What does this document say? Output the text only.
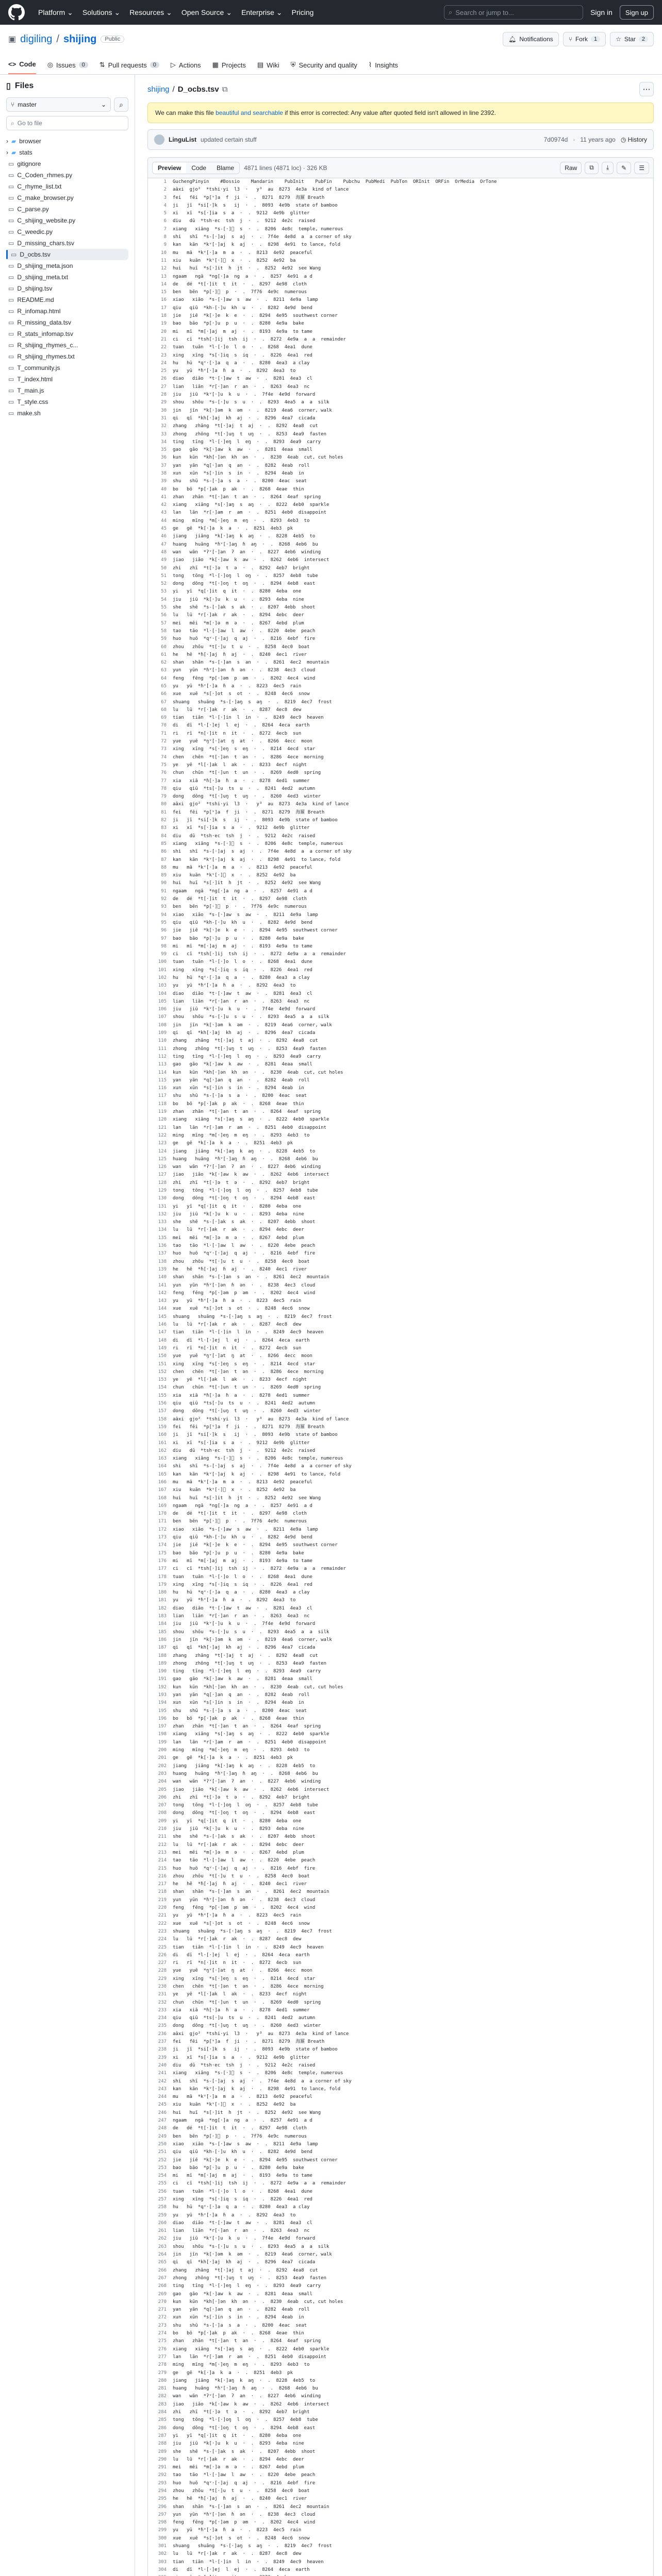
Platform ⌄ Solutions ⌄ Resources ⌄ Open Source ⌄ Enterprise ⌄ Pricing	⌕ Search or jump to...	Sign in	Sign up
▣ digiling / shijing	Public	🔔︎ Notifications	⑂ Fork	1	☆ Star	2
<> Code ◎ Issues	0	⇅ Pull requests	0	▷ Actions ▦ Projects ▤ Wiki ⛨ Security and quality ⌇ Insights
▯ Files
⑂ master	⌄ ⌕
⌕ Go to file
› ▰ browser
› ▰ stats
▭ gitignore
▭ C_Coden_rhmes.py
▭ C_rhyme_list.txt
▭ C_make_browser.py
▭ C_parse.py
▭ C_shijing_website.py
▭ C_weedic.py
▭ D_missing_chars.tsv
▭ D_ocbs.tsv
▭ D_shijing_meta.json
▭ D_shijing_meta.txt
▭ D_shijing.tsv
▭ README.md
▭ R_infomap.html
▭ R_missing_data.tsv
▭ R_stats_infomap.tsv
▭ R_shijing_rhymes_c...
▭ R_shijing_rhymes.txt
▭ T_community.js
▭ T_index.html
▭ T_main.js
▭ T_style.css
▭ make.sh
shijing / D_ocbs.tsv ⧉	⋯
We can make this file beautiful and searchable if this error is corrected: Any value after quoted field isn't allowed in line 2392.
LinguList updated certain stuff	7d0974d · 11 years ago ◷ History
Preview	Code	Blame	4871 lines (4871 loc) · 326 KB	Raw	⧉ ⤓ ✎ ☰
1	GuchengPinyin    #Bossio    Mandarin    PubInit    PubFin    Pubchu  PubMedi  PubTon  ORInit  ORFin  OrMedia  OrTone
2	aâxi  gjo²  *tshi·yi  l3  ·   y³  au  8273  4e3a  kind of lance
3	fei   fēi  *p[ᵛ]a  f  ji  ·  .  8271  8279  海羅 Breath
4	ji   jī  *si[·]k  s   ij  ·  .  8093  4e9b  state of bamboo
5	xi   xī  *s[·]ia  s  a  ·  .  9212  4e9b  glitter
6	diu   dū  *tsh·ec  tsh  j  ·  .  9212  4e2c  raised
7	xiang   xiāng  *s-[·]ᷟ  s  ·  .  8206  4e8c  temple, numerous
8	shi   shī  *s-[·]aj  s  aj  ·  .  7f4e  4e8d  a  a corner of sky
9	kan   kān  *kᵛ[·]aj  k  aj  ·  .  8298  4e91  to lance, fold
10	mu   mā  *kᵛ[·]a  m  a  ·  .  8213  4e92  peaceful
11	xiu   kuān  *kᵛ[·]ᷟ  x  ·  .  8252  4e92  ba
12	hui   huī  *s[·]it  h  jt  ·  .  8252  4e92  see Wang
13	ngaam   ngā  *ng[·]a  ng  a  ·  .  8257  4e91  a d
14	de   dé  *t[·]it  t  it  ·  .  8297  4e98  cloth
15	ben   bēn  *p[·]ᷟ  p  ·  .  7f76  4e9c  numerous
16	xiao   xiāo  *s-[·]aw  s  aw  ·  .  8211  4e9a  lamp
17	qiu   qiū  *kh-[·]u  kh  u  ·  .  8282  4e9d  bend
18	jie   jiē  *k[·]e  k  e  ·  .  8294  4e95  southwest corner
19	bao   bāo  *p[·]u  p  u  ·  .  8280  4e9a  bake
20	mi   mī  *m[·]aj  m  aj  ·  .  8193  4e9a  to tame
21	ci   cī  *tsh[·]ij  tsh  ij  ·  .  8272  4e9a  a  a  remainder
22	tuan   tuān  *l·[·]o  l  o  ·  .  8268  4ea1  dune
23	xing   xīng  *s[·]iq  s  iq  ·  .  8226  4ea1  red
24	hu   hū  *qᵛ·[·]a  q  a  ·  .  8280  4ea3  a clay
25	yu   yū  *ɦᵛ[·]a  ɦ  a  ·  .  8292  4ea3  to
26	diao   diāo  *t·[·]aw  t  aw  ·  .  8281  4ea3  cl
27	lian   liān  *r[·]an  r  an  ·  .  8263  4ea3  nc
28	jiu   jiū  *kᵛ[·]u  k  u  ·  .  7f4e  4e9d  forward
29	shou   shōu  *s-[·]u  s  u  ·  .  8293  4ea5  a  a  silk
30	jin   jīn  *k[·]əm  k  əm  ·  .  8219  4ea6  corner, walk
31	qi   qī  *kh[·]aj  kh  aj  ·  .  8296  4ea7  cicada
32	zhang   zhāng  *t[·]aj  t  aj  ·  .  8292  4ea8  cut
33	zhong   zhōng  *t[·]uŋ  t  uŋ  ·  .  8253  4ea9  fasten
34	ting   tīng  *l·[·]eŋ  l  eŋ  ·  .  8293  4ea9  carry
35	gao   gāo  *k[·]aw  k  aw  ·  .  8281  4eaa  small
36	kun   kūn  *kh[·]ən  kh  ən  ·  .  8230  4eab  cut, cut holes
37	yan   yān  *q[·]an  q  an  ·  .  8282  4eab  roll
38	xun   xūn  *s[·]in  s  in  ·  .  8294  4eab  in
39	shu   shū  *s-[·]a  s  a  ·  .  8200  4eac  seat
40	bo   bō  *p[·]ak  p  ak  ·  .  8268  4eae  thin
41	zhan   zhān  *t[·]an  t  an  ·  .  8264  4eaf  spring
42	xiang   xiāng  *s[·]aŋ  s  aŋ  ·  .  8222  4eb0  sparkle
43	lan   lān  *r[·]am  r  am  ·  .  8251  4eb0  disappoint
44	ming   mīng  *m[·]eŋ  m  eŋ  ·  .  8293  4eb3  to
45	ge   gē  *k[·]a  k  a  ·  .  8251  4eb3  pk
46	jiang   jiāng  *k[·]aŋ  k  aŋ  ·  .  8228  4eb5  to
47	huang   huāng  *ɦᵛ[·]aŋ  ɦ  aŋ  ·  .  8268  4eb6  bu
48	wan   wān  *ʔᵛ[·]an  ʔ  an  ·  .  8227  4eb6  winding
49	jiao   jiāo  *k[·]aw  k  aw  ·  .  8262  4eb6  intersect
50	zhi   zhī  *t[·]ə  t  ə  ·  .  8292  4eb7  bright
51	tong   tōng  *l·[·]oŋ  l  oŋ  ·  .  8257  4eb8  tube
52	dong   dōng  *t[·]oŋ  t  oŋ  ·  .  8294  4eb8  east
53	yi   yī  *q[·]it  q  it  ·  .  8280  4eba  one
54	jiu   jiū  *k[·]u  k  u  ·  .  8293  4eba  nine
55	she   shē  *s-[·]ak  s  ak  ·  .  8207  4ebb  shoot
56	lu   lū  *r[·]ak  r  ak  ·  .  8294  4ebc  deer
57	mei   mēi  *m[·]ə  m  ə  ·  .  8267  4ebd  plum
58	tao   tāo  *l·[·]aw  l  aw  ·  .  8220  4ebe  peach
59	huo   huō  *qᵛ·[·]aj  q  aj  ·  .  8216  4ebf  fire
60	zhou   zhōu  *t[·]u  t  u  ·  .  8258  4ec0  boat
61	he   hē  *ɦ[·]aj  ɦ  aj  ·  .  8240  4ec1  river
62	shan   shān  *s-[·]an  s  an  ·  .  8261  4ec2  mountain
63	yun   yūn  *ɦᵛ[·]ən  ɦ  ən  ·  .  8238  4ec3  cloud
64	feng   fēng  *p[·]əm  p  əm  ·  .  8202  4ec4  wind
65	yu   yū  *ɦᵛ[·]a  ɦ  a  ·  .  8223  4ec5  rain
66	xue   xuē  *s[·]ot  s  ot  ·  .  8248  4ec6  snow
67	shuang   shuāng  *s-[·]aŋ  s  aŋ  ·  .  8219  4ec7  frost
68	lu   lū  *r[·]ak  r  ak  ·  .  8287  4ec8  dew
69	tian   tiān  *l·[·]in  l  in  ·  .  8249  4ec9  heaven
70	di   dī  *l·[·]ej  l  ej  ·  .  8264  4eca  earth
71	ri   rī  *n[·]it  n  it  ·  .  8272  4ecb  sun
72	yue   yuē  *ŋᵛ[·]at  ŋ  at  ·  .  8266  4ecc  moon
73	xing   xīng  *s[·]eŋ  s  eŋ  ·  .  8214  4ecd  star
74	chen   chēn  *t[·]ən  t  ən  ·  .  8286  4ece  morning
75	ye   yē  *l[·]ak  l  ak  ·  .  8233  4ecf  night
76	chun   chūn  *t[·]un  t  un  ·  .  8269  4ed0  spring
77	xia   xiā  *ɦ[·]a  ɦ  a  ·  .  8278  4ed1  summer
78	qiu   qiū  *ts[·]u  ts  u  ·  .  8241  4ed2  autumn
79	dong   dōng  *t[·]uŋ  t  uŋ  ·  .  8260  4ed3  winter
80	aâxi  gjo²  *tshi·yi  l3  ·   y³  au  8273  4e3a  kind of lance
81	fei   fēi  *p[ᵛ]a  f  ji  ·  .  8271  8279  海羅 Breath
82	ji   jī  *si[·]k  s   ij  ·  .  8093  4e9b  state of bamboo
83	xi   xī  *s[·]ia  s  a  ·  .  9212  4e9b  glitter
84	diu   dū  *tsh·ec  tsh  j  ·  .  9212  4e2c  raised
85	xiang   xiāng  *s-[·]ᷟ  s  ·  .  8206  4e8c  temple, numerous
86	shi   shī  *s-[·]aj  s  aj  ·  .  7f4e  4e8d  a  a corner of sky
87	kan   kān  *kᵛ[·]aj  k  aj  ·  .  8298  4e91  to lance, fold
88	mu   mā  *kᵛ[·]a  m  a  ·  .  8213  4e92  peaceful
89	xiu   kuān  *kᵛ[·]ᷟ  x  ·  .  8252  4e92  ba
90	hui   huī  *s[·]it  h  jt  ·  .  8252  4e92  see Wang
91	ngaam   ngā  *ng[·]a  ng  a  ·  .  8257  4e91  a d
92	de   dé  *t[·]it  t  it  ·  .  8297  4e98  cloth
93	ben   bēn  *p[·]ᷟ  p  ·  .  7f76  4e9c  numerous
94	xiao   xiāo  *s-[·]aw  s  aw  ·  .  8211  4e9a  lamp
95	qiu   qiū  *kh-[·]u  kh  u  ·  .  8282  4e9d  bend
96	jie   jiē  *k[·]e  k  e  ·  .  8294  4e95  southwest corner
97	bao   bāo  *p[·]u  p  u  ·  .  8280  4e9a  bake
98	mi   mī  *m[·]aj  m  aj  ·  .  8193  4e9a  to tame
99	ci   cī  *tsh[·]ij  tsh  ij  ·  .  8272  4e9a  a  a  remainder
100	tuan   tuān  *l·[·]o  l  o  ·  .  8268  4ea1  dune
101	xing   xīng  *s[·]iq  s  iq  ·  .  8226  4ea1  red
102	hu   hū  *qᵛ·[·]a  q  a  ·  .  8280  4ea3  a clay
103	yu   yū  *ɦᵛ[·]a  ɦ  a  ·  .  8292  4ea3  to
104	diao   diāo  *t·[·]aw  t  aw  ·  .  8281  4ea3  cl
105	lian   liān  *r[·]an  r  an  ·  .  8263  4ea3  nc
106	jiu   jiū  *kᵛ[·]u  k  u  ·  .  7f4e  4e9d  forward
107	shou   shōu  *s-[·]u  s  u  ·  .  8293  4ea5  a  a  silk
108	jin   jīn  *k[·]əm  k  əm  ·  .  8219  4ea6  corner, walk
109	qi   qī  *kh[·]aj  kh  aj  ·  .  8296  4ea7  cicada
110	zhang   zhāng  *t[·]aj  t  aj  ·  .  8292  4ea8  cut
111	zhong   zhōng  *t[·]uŋ  t  uŋ  ·  .  8253  4ea9  fasten
112	ting   tīng  *l·[·]eŋ  l  eŋ  ·  .  8293  4ea9  carry
113	gao   gāo  *k[·]aw  k  aw  ·  .  8281  4eaa  small
114	kun   kūn  *kh[·]ən  kh  ən  ·  .  8230  4eab  cut, cut holes
115	yan   yān  *q[·]an  q  an  ·  .  8282  4eab  roll
116	xun   xūn  *s[·]in  s  in  ·  .  8294  4eab  in
117	shu   shū  *s-[·]a  s  a  ·  .  8200  4eac  seat
118	bo   bō  *p[·]ak  p  ak  ·  .  8268  4eae  thin
119	zhan   zhān  *t[·]an  t  an  ·  .  8264  4eaf  spring
120	xiang   xiāng  *s[·]aŋ  s  aŋ  ·  .  8222  4eb0  sparkle
121	lan   lān  *r[·]am  r  am  ·  .  8251  4eb0  disappoint
122	ming   mīng  *m[·]eŋ  m  eŋ  ·  .  8293  4eb3  to
123	ge   gē  *k[·]a  k  a  ·  .  8251  4eb3  pk
124	jiang   jiāng  *k[·]aŋ  k  aŋ  ·  .  8228  4eb5  to
125	huang   huāng  *ɦᵛ[·]aŋ  ɦ  aŋ  ·  .  8268  4eb6  bu
126	wan   wān  *ʔᵛ[·]an  ʔ  an  ·  .  8227  4eb6  winding
127	jiao   jiāo  *k[·]aw  k  aw  ·  .  8262  4eb6  intersect
128	zhi   zhī  *t[·]ə  t  ə  ·  .  8292  4eb7  bright
129	tong   tōng  *l·[·]oŋ  l  oŋ  ·  .  8257  4eb8  tube
130	dong   dōng  *t[·]oŋ  t  oŋ  ·  .  8294  4eb8  east
131	yi   yī  *q[·]it  q  it  ·  .  8280  4eba  one
132	jiu   jiū  *k[·]u  k  u  ·  .  8293  4eba  nine
133	she   shē  *s-[·]ak  s  ak  ·  .  8207  4ebb  shoot
134	lu   lū  *r[·]ak  r  ak  ·  .  8294  4ebc  deer
135	mei   mēi  *m[·]ə  m  ə  ·  .  8267  4ebd  plum
136	tao   tāo  *l·[·]aw  l  aw  ·  .  8220  4ebe  peach
137	huo   huō  *qᵛ·[·]aj  q  aj  ·  .  8216  4ebf  fire
138	zhou   zhōu  *t[·]u  t  u  ·  .  8258  4ec0  boat
139	he   hē  *ɦ[·]aj  ɦ  aj  ·  .  8240  4ec1  river
140	shan   shān  *s-[·]an  s  an  ·  .  8261  4ec2  mountain
141	yun   yūn  *ɦᵛ[·]ən  ɦ  ən  ·  .  8238  4ec3  cloud
142	feng   fēng  *p[·]əm  p  əm  ·  .  8202  4ec4  wind
143	yu   yū  *ɦᵛ[·]a  ɦ  a  ·  .  8223  4ec5  rain
144	xue   xuē  *s[·]ot  s  ot  ·  .  8248  4ec6  snow
145	shuang   shuāng  *s-[·]aŋ  s  aŋ  ·  .  8219  4ec7  frost
146	lu   lū  *r[·]ak  r  ak  ·  .  8287  4ec8  dew
147	tian   tiān  *l·[·]in  l  in  ·  .  8249  4ec9  heaven
148	di   dī  *l·[·]ej  l  ej  ·  .  8264  4eca  earth
149	ri   rī  *n[·]it  n  it  ·  .  8272  4ecb  sun
150	yue   yuē  *ŋᵛ[·]at  ŋ  at  ·  .  8266  4ecc  moon
151	xing   xīng  *s[·]eŋ  s  eŋ  ·  .  8214  4ecd  star
152	chen   chēn  *t[·]ən  t  ən  ·  .  8286  4ece  morning
153	ye   yē  *l[·]ak  l  ak  ·  .  8233  4ecf  night
154	chun   chūn  *t[·]un  t  un  ·  .  8269  4ed0  spring
155	xia   xiā  *ɦ[·]a  ɦ  a  ·  .  8278  4ed1  summer
156	qiu   qiū  *ts[·]u  ts  u  ·  .  8241  4ed2  autumn
157	dong   dōng  *t[·]uŋ  t  uŋ  ·  .  8260  4ed3  winter
158	aâxi  gjo²  *tshi·yi  l3  ·   y³  au  8273  4e3a  kind of lance
159	fei   fēi  *p[ᵛ]a  f  ji  ·  .  8271  8279  海羅 Breath
160	ji   jī  *si[·]k  s   ij  ·  .  8093  4e9b  state of bamboo
161	xi   xī  *s[·]ia  s  a  ·  .  9212  4e9b  glitter
162	diu   dū  *tsh·ec  tsh  j  ·  .  9212  4e2c  raised
163	xiang   xiāng  *s-[·]ᷟ  s  ·  .  8206  4e8c  temple, numerous
164	shi   shī  *s-[·]aj  s  aj  ·  .  7f4e  4e8d  a  a corner of sky
165	kan   kān  *kᵛ[·]aj  k  aj  ·  .  8298  4e91  to lance, fold
166	mu   mā  *kᵛ[·]a  m  a  ·  .  8213  4e92  peaceful
167	xiu   kuān  *kᵛ[·]ᷟ  x  ·  .  8252  4e92  ba
168	hui   huī  *s[·]it  h  jt  ·  .  8252  4e92  see Wang
169	ngaam   ngā  *ng[·]a  ng  a  ·  .  8257  4e91  a d
170	de   dé  *t[·]it  t  it  ·  .  8297  4e98  cloth
171	ben   bēn  *p[·]ᷟ  p  ·  .  7f76  4e9c  numerous
172	xiao   xiāo  *s-[·]aw  s  aw  ·  .  8211  4e9a  lamp
173	qiu   qiū  *kh-[·]u  kh  u  ·  .  8282  4e9d  bend
174	jie   jiē  *k[·]e  k  e  ·  .  8294  4e95  southwest corner
175	bao   bāo  *p[·]u  p  u  ·  .  8280  4e9a  bake
176	mi   mī  *m[·]aj  m  aj  ·  .  8193  4e9a  to tame
177	ci   cī  *tsh[·]ij  tsh  ij  ·  .  8272  4e9a  a  a  remainder
178	tuan   tuān  *l·[·]o  l  o  ·  .  8268  4ea1  dune
179	xing   xīng  *s[·]iq  s  iq  ·  .  8226  4ea1  red
180	hu   hū  *qᵛ·[·]a  q  a  ·  .  8280  4ea3  a clay
181	yu   yū  *ɦᵛ[·]a  ɦ  a  ·  .  8292  4ea3  to
182	diao   diāo  *t·[·]aw  t  aw  ·  .  8281  4ea3  cl
183	lian   liān  *r[·]an  r  an  ·  .  8263  4ea3  nc
184	jiu   jiū  *kᵛ[·]u  k  u  ·  .  7f4e  4e9d  forward
185	shou   shōu  *s-[·]u  s  u  ·  .  8293  4ea5  a  a  silk
186	jin   jīn  *k[·]əm  k  əm  ·  .  8219  4ea6  corner, walk
187	qi   qī  *kh[·]aj  kh  aj  ·  .  8296  4ea7  cicada
188	zhang   zhāng  *t[·]aj  t  aj  ·  .  8292  4ea8  cut
189	zhong   zhōng  *t[·]uŋ  t  uŋ  ·  .  8253  4ea9  fasten
190	ting   tīng  *l·[·]eŋ  l  eŋ  ·  .  8293  4ea9  carry
191	gao   gāo  *k[·]aw  k  aw  ·  .  8281  4eaa  small
192	kun   kūn  *kh[·]ən  kh  ən  ·  .  8230  4eab  cut, cut holes
193	yan   yān  *q[·]an  q  an  ·  .  8282  4eab  roll
194	xun   xūn  *s[·]in  s  in  ·  .  8294  4eab  in
195	shu   shū  *s-[·]a  s  a  ·  .  8200  4eac  seat
196	bo   bō  *p[·]ak  p  ak  ·  .  8268  4eae  thin
197	zhan   zhān  *t[·]an  t  an  ·  .  8264  4eaf  spring
198	xiang   xiāng  *s[·]aŋ  s  aŋ  ·  .  8222  4eb0  sparkle
199	lan   lān  *r[·]am  r  am  ·  .  8251  4eb0  disappoint
200	ming   mīng  *m[·]eŋ  m  eŋ  ·  .  8293  4eb3  to
201	ge   gē  *k[·]a  k  a  ·  .  8251  4eb3  pk
202	jiang   jiāng  *k[·]aŋ  k  aŋ  ·  .  8228  4eb5  to
203	huang   huāng  *ɦᵛ[·]aŋ  ɦ  aŋ  ·  .  8268  4eb6  bu
204	wan   wān  *ʔᵛ[·]an  ʔ  an  ·  .  8227  4eb6  winding
205	jiao   jiāo  *k[·]aw  k  aw  ·  .  8262  4eb6  intersect
206	zhi   zhī  *t[·]ə  t  ə  ·  .  8292  4eb7  bright
207	tong   tōng  *l·[·]oŋ  l  oŋ  ·  .  8257  4eb8  tube
208	dong   dōng  *t[·]oŋ  t  oŋ  ·  .  8294  4eb8  east
209	yi   yī  *q[·]it  q  it  ·  .  8280  4eba  one
210	jiu   jiū  *k[·]u  k  u  ·  .  8293  4eba  nine
211	she   shē  *s-[·]ak  s  ak  ·  .  8207  4ebb  shoot
212	lu   lū  *r[·]ak  r  ak  ·  .  8294  4ebc  deer
213	mei   mēi  *m[·]ə  m  ə  ·  .  8267  4ebd  plum
214	tao   tāo  *l·[·]aw  l  aw  ·  .  8220  4ebe  peach
215	huo   huō  *qᵛ·[·]aj  q  aj  ·  .  8216  4ebf  fire
216	zhou   zhōu  *t[·]u  t  u  ·  .  8258  4ec0  boat
217	he   hē  *ɦ[·]aj  ɦ  aj  ·  .  8240  4ec1  river
218	shan   shān  *s-[·]an  s  an  ·  .  8261  4ec2  mountain
219	yun   yūn  *ɦᵛ[·]ən  ɦ  ən  ·  .  8238  4ec3  cloud
220	feng   fēng  *p[·]əm  p  əm  ·  .  8202  4ec4  wind
221	yu   yū  *ɦᵛ[·]a  ɦ  a  ·  .  8223  4ec5  rain
222	xue   xuē  *s[·]ot  s  ot  ·  .  8248  4ec6  snow
223	shuang   shuāng  *s-[·]aŋ  s  aŋ  ·  .  8219  4ec7  frost
224	lu   lū  *r[·]ak  r  ak  ·  .  8287  4ec8  dew
225	tian   tiān  *l·[·]in  l  in  ·  .  8249  4ec9  heaven
226	di   dī  *l·[·]ej  l  ej  ·  .  8264  4eca  earth
227	ri   rī  *n[·]it  n  it  ·  .  8272  4ecb  sun
228	yue   yuē  *ŋᵛ[·]at  ŋ  at  ·  .  8266  4ecc  moon
229	xing   xīng  *s[·]eŋ  s  eŋ  ·  .  8214  4ecd  star
230	chen   chēn  *t[·]ən  t  ən  ·  .  8286  4ece  morning
231	ye   yē  *l[·]ak  l  ak  ·  .  8233  4ecf  night
232	chun   chūn  *t[·]un  t  un  ·  .  8269  4ed0  spring
233	xia   xiā  *ɦ[·]a  ɦ  a  ·  .  8278  4ed1  summer
234	qiu   qiū  *ts[·]u  ts  u  ·  .  8241  4ed2  autumn
235	dong   dōng  *t[·]uŋ  t  uŋ  ·  .  8260  4ed3  winter
236	aâxi  gjo²  *tshi·yi  l3  ·   y³  au  8273  4e3a  kind of lance
237	fei   fēi  *p[ᵛ]a  f  ji  ·  .  8271  8279  海羅 Breath
238	ji   jī  *si[·]k  s   ij  ·  .  8093  4e9b  state of bamboo
239	xi   xī  *s[·]ia  s  a  ·  .  9212  4e9b  glitter
240	diu   dū  *tsh·ec  tsh  j  ·  .  9212  4e2c  raised
241	xiang   xiāng  *s-[·]ᷟ  s  ·  .  8206  4e8c  temple, numerous
242	shi   shī  *s-[·]aj  s  aj  ·  .  7f4e  4e8d  a  a corner of sky
243	kan   kān  *kᵛ[·]aj  k  aj  ·  .  8298  4e91  to lance, fold
244	mu   mā  *kᵛ[·]a  m  a  ·  .  8213  4e92  peaceful
245	xiu   kuān  *kᵛ[·]ᷟ  x  ·  .  8252  4e92  ba
246	hui   huī  *s[·]it  h  jt  ·  .  8252  4e92  see Wang
247	ngaam   ngā  *ng[·]a  ng  a  ·  .  8257  4e91  a d
248	de   dé  *t[·]it  t  it  ·  .  8297  4e98  cloth
249	ben   bēn  *p[·]ᷟ  p  ·  .  7f76  4e9c  numerous
250	xiao   xiāo  *s-[·]aw  s  aw  ·  .  8211  4e9a  lamp
251	qiu   qiū  *kh-[·]u  kh  u  ·  .  8282  4e9d  bend
252	jie   jiē  *k[·]e  k  e  ·  .  8294  4e95  southwest corner
253	bao   bāo  *p[·]u  p  u  ·  .  8280  4e9a  bake
254	mi   mī  *m[·]aj  m  aj  ·  .  8193  4e9a  to tame
255	ci   cī  *tsh[·]ij  tsh  ij  ·  .  8272  4e9a  a  a  remainder
256	tuan   tuān  *l·[·]o  l  o  ·  .  8268  4ea1  dune
257	xing   xīng  *s[·]iq  s  iq  ·  .  8226  4ea1  red
258	hu   hū  *qᵛ·[·]a  q  a  ·  .  8280  4ea3  a clay
259	yu   yū  *ɦᵛ[·]a  ɦ  a  ·  .  8292  4ea3  to
260	diao   diāo  *t·[·]aw  t  aw  ·  .  8281  4ea3  cl
261	lian   liān  *r[·]an  r  an  ·  .  8263  4ea3  nc
262	jiu   jiū  *kᵛ[·]u  k  u  ·  .  7f4e  4e9d  forward
263	shou   shōu  *s-[·]u  s  u  ·  .  8293  4ea5  a  a  silk
264	jin   jīn  *k[·]əm  k  əm  ·  .  8219  4ea6  corner, walk
265	qi   qī  *kh[·]aj  kh  aj  ·  .  8296  4ea7  cicada
266	zhang   zhāng  *t[·]aj  t  aj  ·  .  8292  4ea8  cut
267	zhong   zhōng  *t[·]uŋ  t  uŋ  ·  .  8253  4ea9  fasten
268	ting   tīng  *l·[·]eŋ  l  eŋ  ·  .  8293  4ea9  carry
269	gao   gāo  *k[·]aw  k  aw  ·  .  8281  4eaa  small
270	kun   kūn  *kh[·]ən  kh  ən  ·  .  8230  4eab  cut, cut holes
271	yan   yān  *q[·]an  q  an  ·  .  8282  4eab  roll
272	xun   xūn  *s[·]in  s  in  ·  .  8294  4eab  in
273	shu   shū  *s-[·]a  s  a  ·  .  8200  4eac  seat
274	bo   bō  *p[·]ak  p  ak  ·  .  8268  4eae  thin
275	zhan   zhān  *t[·]an  t  an  ·  .  8264  4eaf  spring
276	xiang   xiāng  *s[·]aŋ  s  aŋ  ·  .  8222  4eb0  sparkle
277	lan   lān  *r[·]am  r  am  ·  .  8251  4eb0  disappoint
278	ming   mīng  *m[·]eŋ  m  eŋ  ·  .  8293  4eb3  to
279	ge   gē  *k[·]a  k  a  ·  .  8251  4eb3  pk
280	jiang   jiāng  *k[·]aŋ  k  aŋ  ·  .  8228  4eb5  to
281	huang   huāng  *ɦᵛ[·]aŋ  ɦ  aŋ  ·  .  8268  4eb6  bu
282	wan   wān  *ʔᵛ[·]an  ʔ  an  ·  .  8227  4eb6  winding
283	jiao   jiāo  *k[·]aw  k  aw  ·  .  8262  4eb6  intersect
284	zhi   zhī  *t[·]ə  t  ə  ·  .  8292  4eb7  bright
285	tong   tōng  *l·[·]oŋ  l  oŋ  ·  .  8257  4eb8  tube
286	dong   dōng  *t[·]oŋ  t  oŋ  ·  .  8294  4eb8  east
287	yi   yī  *q[·]it  q  it  ·  .  8280  4eba  one
288	jiu   jiū  *k[·]u  k  u  ·  .  8293  4eba  nine
289	she   shē  *s-[·]ak  s  ak  ·  .  8207  4ebb  shoot
290	lu   lū  *r[·]ak  r  ak  ·  .  8294  4ebc  deer
291	mei   mēi  *m[·]ə  m  ə  ·  .  8267  4ebd  plum
292	tao   tāo  *l·[·]aw  l  aw  ·  .  8220  4ebe  peach
293	huo   huō  *qᵛ·[·]aj  q  aj  ·  .  8216  4ebf  fire
294	zhou   zhōu  *t[·]u  t  u  ·  .  8258  4ec0  boat
295	he   hē  *ɦ[·]aj  ɦ  aj  ·  .  8240  4ec1  river
296	shan   shān  *s-[·]an  s  an  ·  .  8261  4ec2  mountain
297	yun   yūn  *ɦᵛ[·]ən  ɦ  ən  ·  .  8238  4ec3  cloud
298	feng   fēng  *p[·]əm  p  əm  ·  .  8202  4ec4  wind
299	yu   yū  *ɦᵛ[·]a  ɦ  a  ·  .  8223  4ec5  rain
300	xue   xuē  *s[·]ot  s  ot  ·  .  8248  4ec6  snow
301	shuang   shuāng  *s-[·]aŋ  s  aŋ  ·  .  8219  4ec7  frost
302	lu   lū  *r[·]ak  r  ak  ·  .  8287  4ec8  dew
303	tian   tiān  *l·[·]in  l  in  ·  .  8249  4ec9  heaven
304	di   dī  *l·[·]ej  l  ej  ·  .  8264  4eca  earth
